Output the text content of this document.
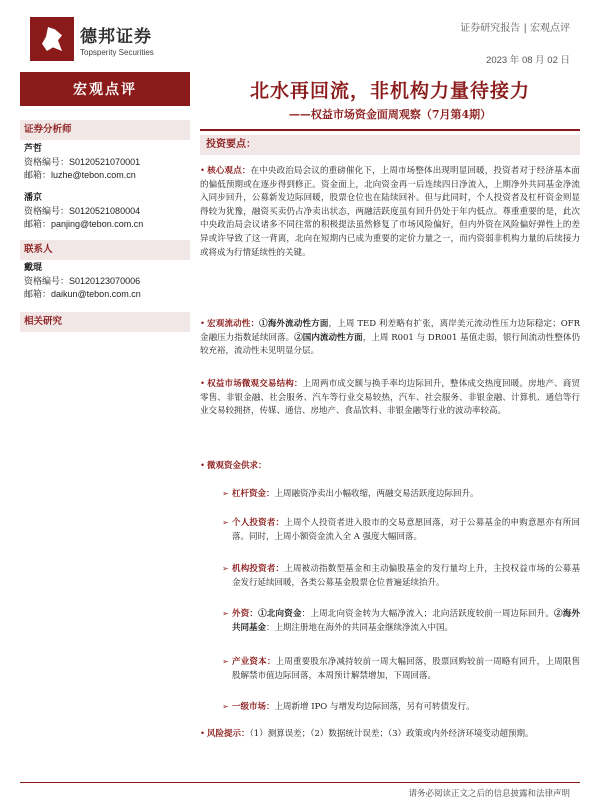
德邦证券
Topsperity Securities
证券研究报告 | 宏观点评
2023 年 08 月 02 日
宏观点评
证券分析师
芦哲
资格编号：S0120521070001
邮箱：luzhe@tebon.com.cn
潘京
资格编号：S0120521080004
邮箱：panjing@tebon.com.cn
联系人
戴琨
资格编号：S0120123070006
邮箱：daikun@tebon.com.cn
相关研究
北水再回流，非机构力量待接力
——权益市场资金面周观察（7月第4期）
投资要点：
• 核心观点：在中央政治局会议的重磅催化下，上周市场整体出现明显回暖，投资者对于经济基本面的偏低预期或在逐步得到修正。资金面上，北向资金再一后连续四日净流入，上期净外共同基金净流入同步回升，公募新发边际回暖，股票仓位也在陆续回补。但与此同时，个人投资者及杠杆资金则显得较为犹豫，融资买卖仍占净卖出状态，两融活跃度虽有回升仍处于年内低点。尊重重要的是，此次中央政治局会议诸多不同往常的积极提法虽然修复了市场风险偏好，但内外资在风险偏好弹性上的差异或许导致了这一背离，北向在短期内已成为重要的定价力量之一，而内资弱非机构力量的后续接力或将成为行情延续性的关键。
• 宏观流动性：①海外流动性方面，上周 TED 利差略有扩张，离岸美元流动性压力边际稳定；OFR 金融压力指数延续回落。②国内流动性方面，上周 R001 与 DR001 基值走弱，银行间流动性整体仍较充裕，流动性未见明显分层。
• 权益市场微观交易结构：上周两市成交额与换手率均边际回升，整体成交热度回暖。房地产、商贸零售、非银金融、社会服务、汽车等行业交易较热，汽车、社会服务、非银金融、计算机、通信等行业交易较拥挤，传媒、通信、房地产、食品饮料、非银金融等行业的波动率较高。
• 微观资金供求：
➢ 杠杆资金：上周融资净卖出小幅收缩，两融交易活跃度边际回升。
➢ 个人投资者：上周个人投资者进入股市的交易意愿回落，对于公募基金的申购意愿亦有所回落。同时，上周小额资金流入全 A 强度大幅回落。
➢ 机构投资者：上周被动指数型基金和主动偏股基金的发行量均上升，主投权益市场的公募基金发行延续回暖，各类公募基金股票仓位普遍延续抬升。
➢ 外资：①北向资金：上周北向资金转为大幅净流入；北向活跃度较前一周边际回升。②海外共同基金：上期注册地在海外的共同基金继续净流入中国。
➢ 产业资本：上周重要股东净减持较前一周大幅回落，股票回购较前一周略有回升，上周限售股解禁市值边际回落，本周预计解禁增加，下周回落。
➢ 一级市场：上周新增 IPO 与增发均边际回落，另有可转债发行。
• 风险提示：（1）测算误差；（2）数据统计误差；（3）政策或内外经济环境变动超预期。
请务必阅读正文之后的信息披露和法律声明
